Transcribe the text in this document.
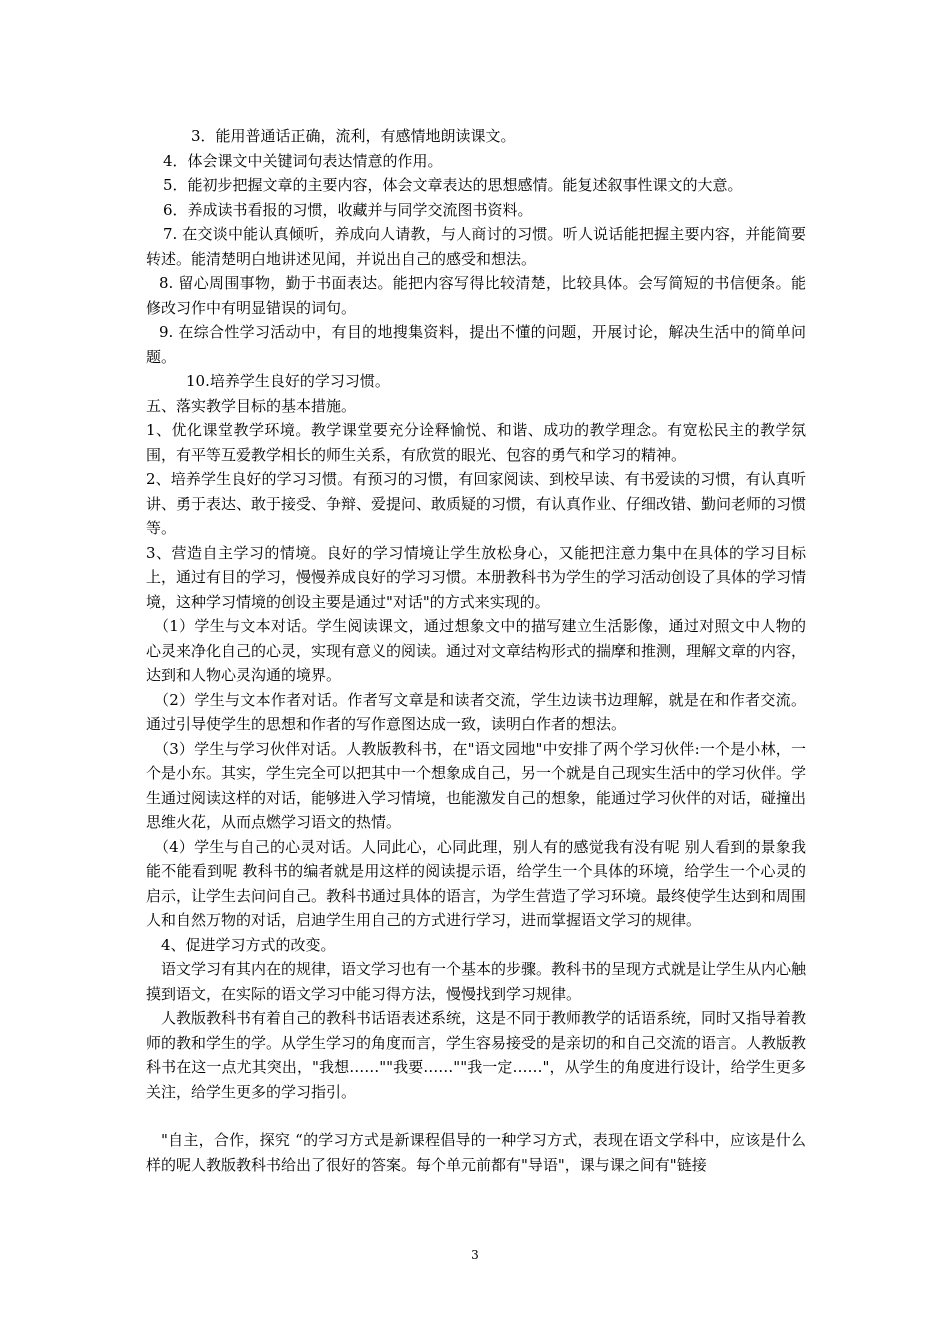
3．能用普通话正确，流利，有感情地朗读课文。

4．体会课文中关键词句表达情意的作用。

5．能初步把握文章的主要内容，体会文章表达的思想感情。能复述叙事性课文的大意。

6．养成读书看报的习惯，收藏并与同学交流图书资料。

7. 在交谈中能认真倾听，养成向人请教，与人商讨的习惯。听人说话能把握主要内容，并能简要转述。能清楚明白地讲述见闻，并说出自己的感受和想法。

8. 留心周围事物，勤于书面表达。能把内容写得比较清楚，比较具体。会写简短的书信便条。能修改习作中有明显错误的词句。

9. 在综合性学习活动中，有目的地搜集资料，提出不懂的问题，开展讨论，解决生活中的简单问题。

10.培养学生良好的学习习惯。

五、落实教学目标的基本措施。

1、优化课堂教学环境。教学课堂要充分诠释愉悦、和谐、成功的教学理念。有宽松民主的教学氛围，有平等互爱教学相长的师生关系，有欣赏的眼光、包容的勇气和学习的精神。

2、培养学生良好的学习习惯。有预习的习惯，有回家阅读、到校早读、有书爱读的习惯，有认真听讲、勇于表达、敢于接受、争辩、爱提问、敢质疑的习惯，有认真作业、仔细改错、勤问老师的习惯等。

3、营造自主学习的情境。良好的学习情境让学生放松身心，又能把注意力集中在具体的学习目标上，通过有目的学习，慢慢养成良好的学习习惯。本册教科书为学生的学习活动创设了具体的学习情境，这种学习情境的创设主要是通过"对话"的方式来实现的。

（1）学生与文本对话。学生阅读课文，通过想象文中的描写建立生活影像，通过对照文中人物的心灵来净化自己的心灵，实现有意义的阅读。通过对文章结构形式的揣摩和推测，理解文章的内容，达到和人物心灵沟通的境界。

（2）学生与文本作者对话。作者写文章是和读者交流，学生边读书边理解，就是在和作者交流。通过引导使学生的思想和作者的写作意图达成一致，读明白作者的想法。

（3）学生与学习伙伴对话。人教版教科书，在"语文园地"中安排了两个学习伙伴:一个是小林，一个是小东。其实，学生完全可以把其中一个想象成自己，另一个就是自己现实生活中的学习伙伴。学生通过阅读这样的对话，能够进入学习情境，也能激发自己的想象，能通过学习伙伴的对话，碰撞出思维火花，从而点燃学习语文的热情。

（4）学生与自己的心灵对话。人同此心，心同此理，别人有的感觉我有没有呢 别人看到的景象我能不能看到呢 教科书的编者就是用这样的阅读提示语，给学生一个具体的环境，给学生一个心灵的启示，让学生去问问自己。教科书通过具体的语言，为学生营造了学习环境。最终使学生达到和周围人和自然万物的对话，启迪学生用自己的方式进行学习，进而掌握语文学习的规律。

4、促进学习方式的改变。

语文学习有其内在的规律，语文学习也有一个基本的步骤。教科书的呈现方式就是让学生从内心触摸到语文，在实际的语文学习中能习得方法，慢慢找到学习规律。

人教版教科书有着自己的教科书话语表述系统，这是不同于教师教学的话语系统，同时又指导着教师的教和学生的学。从学生学习的角度而言，学生容易接受的是亲切的和自己交流的语言。人教版教科书在这一点尤其突出，"我想……""我要……""我一定……"，从学生的角度进行设计，给学生更多关注，给学生更多的学习指引。

"自主，合作，探究 “的学习方式是新课程倡导的一种学习方式，表现在语文学科中，应该是什么样的呢人教版教科书给出了很好的答案。每个单元前都有"导语"，课与课之间有"链接

3
